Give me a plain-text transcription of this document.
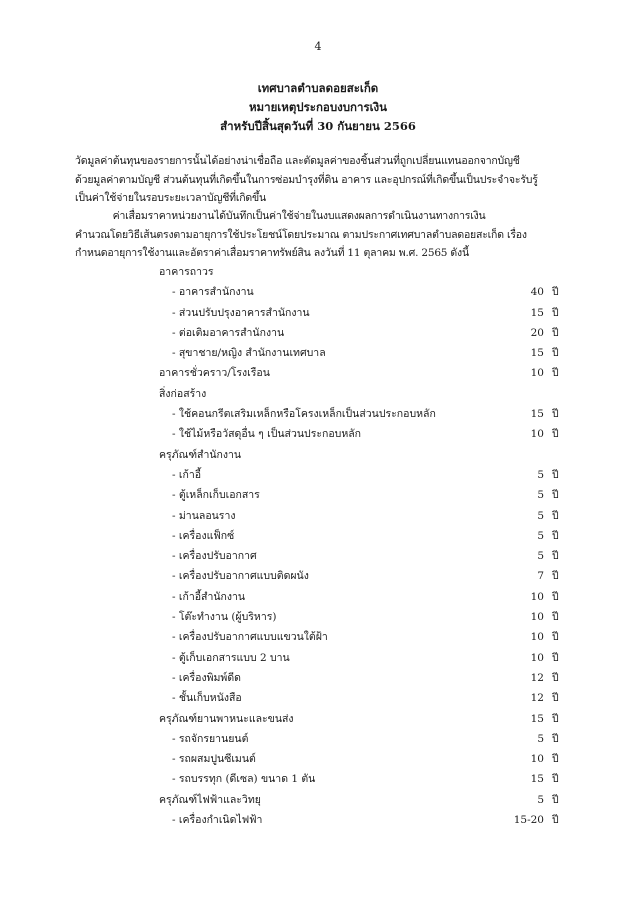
4
เทศบาลตำบลดอยสะเก็ด
หมายเหตุประกอบงบการเงิน
สำหรับปีสิ้นสุดวันที่ 30 กันยายน 2566
วัดมูลค่าต้นทุนของรายการนั้นได้อย่างน่าเชื่อถือ และตัดมูลค่าของชิ้นส่วนที่ถูกเปลี่ยนแทนออกจากบัญชี
ด้วยมูลค่าตามบัญชี ส่วนต้นทุนที่เกิดขึ้นในการซ่อมบำรุงที่ดิน อาคาร และอุปกรณ์ที่เกิดขึ้นเป็นประจำจะรับรู้
เป็นค่าใช้จ่ายในรอบระยะเวลาบัญชีที่เกิดขึ้น
ค่าเสื่อมราคาหน่วยงานได้บันทึกเป็นค่าใช้จ่ายในงบแสดงผลการดำเนินงานทางการเงิน
คำนวณโดยวิธีเส้นตรงตามอายุการใช้ประโยชน์โดยประมาณ ตามประกาศเทศบาลตำบลดอยสะเก็ด เรื่อง
กำหนดอายุการใช้งานและอัตราค่าเสื่อมราคาทรัพย์สิน ลงวันที่ 11 ตุลาคม พ.ศ. 2565 ดังนี้
อาคารถาวร
- อาคารสำนักงาน	40 ปี
- ส่วนปรับปรุงอาคารสำนักงาน	15 ปี
- ต่อเติมอาคารสำนักงาน	20 ปี
- สุขาชาย/หญิง สำนักงานเทศบาล	15 ปี
อาคารชั่วคราว/โรงเรือน	10 ปี
สิ่งก่อสร้าง
- ใช้คอนกรีตเสริมเหล็กหรือโครงเหล็กเป็นส่วนประกอบหลัก	15 ปี
- ใช้ไม้หรือวัสดุอื่น ๆ เป็นส่วนประกอบหลัก	10 ปี
ครุภัณฑ์สำนักงาน
- เก้าอี้	5 ปี
- ตู้เหล็กเก็บเอกสาร	5 ปี
- ม่านลอนราง	5 ปี
- เครื่องแฟ็กซ์	5 ปี
- เครื่องปรับอากาศ	5 ปี
- เครื่องปรับอากาศแบบติดผนัง	7 ปี
- เก้าอี้สำนักงาน	10 ปี
- โต๊ะทำงาน (ผู้บริหาร)	10 ปี
- เครื่องปรับอากาศแบบแขวนใต้ฝ้า	10 ปี
- ตู้เก็บเอกสารแบบ 2 บาน	10 ปี
- เครื่องพิมพ์ดีด	12 ปี
- ชั้นเก็บหนังสือ	12 ปี
ครุภัณฑ์ยานพาหนะและขนส่ง	15 ปี
- รถจักรยานยนต์	5 ปี
- รถผสมปูนซีเมนต์	10 ปี
- รถบรรทุก (ดีเซล) ขนาด 1 ตัน	15 ปี
ครุภัณฑ์ไฟฟ้าและวิทยุ	5 ปี
- เครื่องกำเนิดไฟฟ้า	15-20 ปี
